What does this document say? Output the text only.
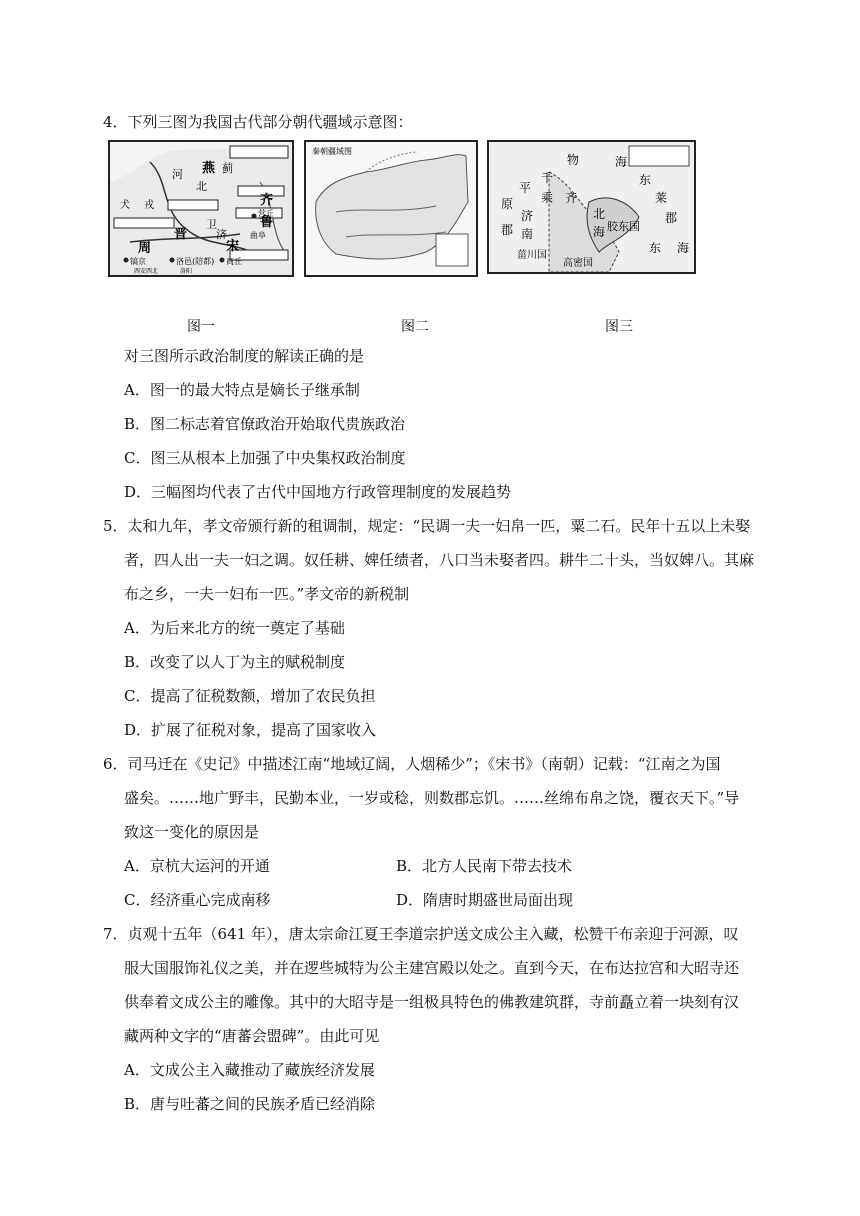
4．下列三图为我国古代部分朝代疆域示意图：
燕 蓟
河
北
犬 戎	齐
曲阜
周
晋
卫
济
宋
鲁
营丘
镐京	洛邑(陪都) 商丘
西安西北	洛阳
秦朝疆域图
物	海
东
莱
平
千
乘 齐
原
郡
济
南
北
海 胶东国
郡
菑川国
高密国
东 海
图一	图二	图三
对三图所示政治制度的解读正确的是
A．图一的最大特点是嫡长子继承制
B．图二标志着官僚政治开始取代贵族政治
C．图三从根本上加强了中央集权政治制度
D．三幅图均代表了古代中国地方行政管理制度的发展趋势
5．太和九年，孝文帝颁行新的租调制，规定：“民调一夫一妇帛一匹，粟二石。民年十五以上未娶
者，四人出一夫一妇之调。奴任耕、婢任绩者，八口当未娶者四。耕牛二十头，当奴婢八。其麻
布之乡，一夫一妇布一匹。”孝文帝的新税制
A．为后来北方的统一奠定了基础
B．改变了以人丁为主的赋税制度
C．提高了征税数额，增加了农民负担
D．扩展了征税对象，提高了国家收入
6．司马迁在《史记》中描述江南“地域辽阔，人烟稀少”；《宋书》（南朝）记载：“江南之为国
盛矣。……地广野丰，民勤本业，一岁或稔，则数郡忘饥。……丝绵布帛之饶，覆衣天下。”导
致这一变化的原因是
A．京杭大运河的开通	B．北方人民南下带去技术
C．经济重心完成南移	D．隋唐时期盛世局面出现
7．贞观十五年（641 年），唐太宗命江夏王李道宗护送文成公主入藏，松赞干布亲迎于河源，叹
服大国服饰礼仪之美，并在逻些城特为公主建宫殿以处之。直到今天，在布达拉宫和大昭寺还
供奉着文成公主的雕像。其中的大昭寺是一组极具特色的佛教建筑群，寺前矗立着一块刻有汉
藏两种文字的“唐蕃会盟碑”。由此可见
A．文成公主入藏推动了藏族经济发展
B．唐与吐蕃之间的民族矛盾已经消除
